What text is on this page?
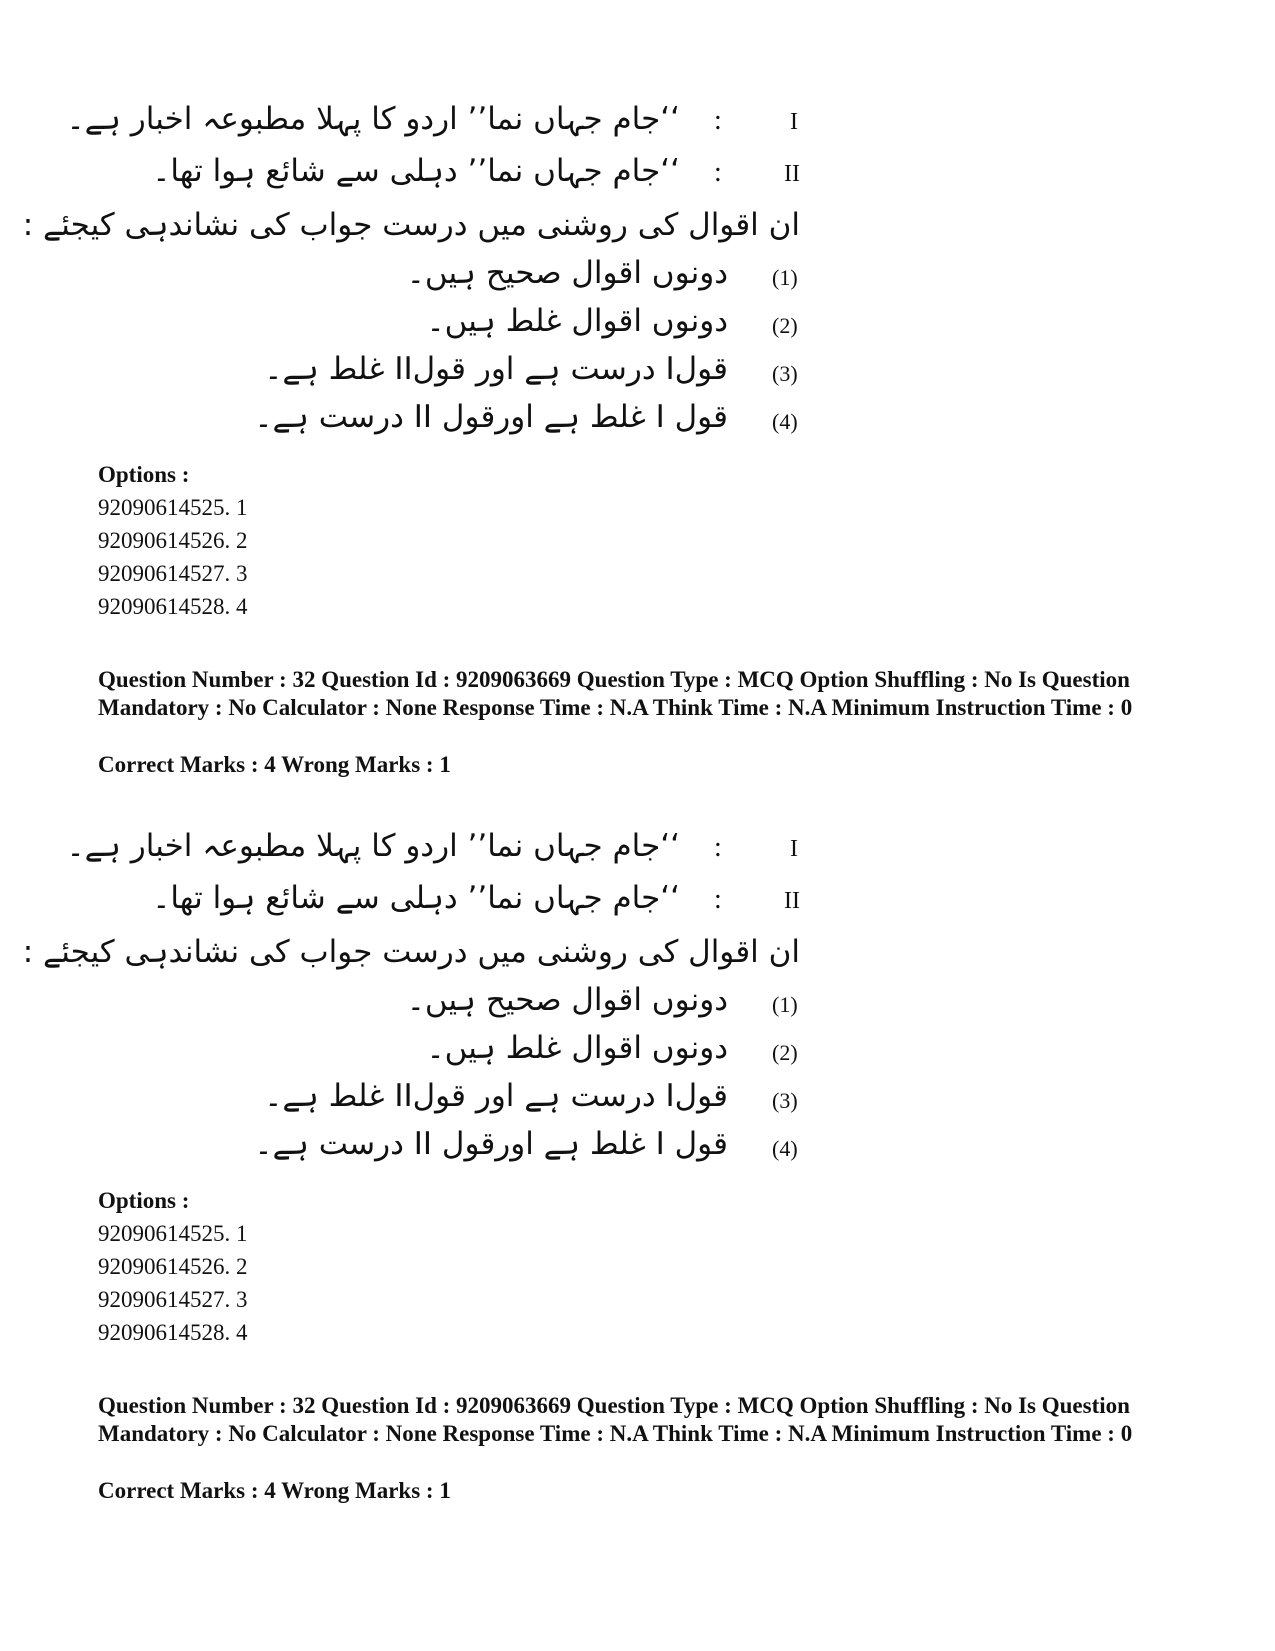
I
:
‘‘جام جہاں نما’’ اردو کا پہلا مطبوعہ اخبار ہے۔
II
:
‘‘جام جہاں نما’’ دہلی سے شائع ہوا تھا۔
ان اقوال کی روشنی میں درست جواب کی نشاندہی کیجئے :
(1)
دونوں اقوال صحیح ہیں۔
(2)
دونوں اقوال غلط ہیں۔
(3)
قولI درست ہے اور قولII غلط ہے۔
(4)
قول I غلط ہے اورقول II درست ہے۔
Options :
92090614525. 1
92090614526. 2
92090614527. 3
92090614528. 4
Question Number : 32 Question Id : 9209063669 Question Type : MCQ Option Shuffling : No Is Question Mandatory : No Calculator : None Response Time : N.A Think Time : N.A Minimum Instruction Time : 0
Correct Marks : 4 Wrong Marks : 1
I
:
‘‘جام جہاں نما’’ اردو کا پہلا مطبوعہ اخبار ہے۔
II
:
‘‘جام جہاں نما’’ دہلی سے شائع ہوا تھا۔
ان اقوال کی روشنی میں درست جواب کی نشاندہی کیجئے :
(1)
دونوں اقوال صحیح ہیں۔
(2)
دونوں اقوال غلط ہیں۔
(3)
قولI درست ہے اور قولII غلط ہے۔
(4)
قول I غلط ہے اورقول II درست ہے۔
Options :
92090614525. 1
92090614526. 2
92090614527. 3
92090614528. 4
Question Number : 32 Question Id : 9209063669 Question Type : MCQ Option Shuffling : No Is Question Mandatory : No Calculator : None Response Time : N.A Think Time : N.A Minimum Instruction Time : 0
Correct Marks : 4 Wrong Marks : 1
